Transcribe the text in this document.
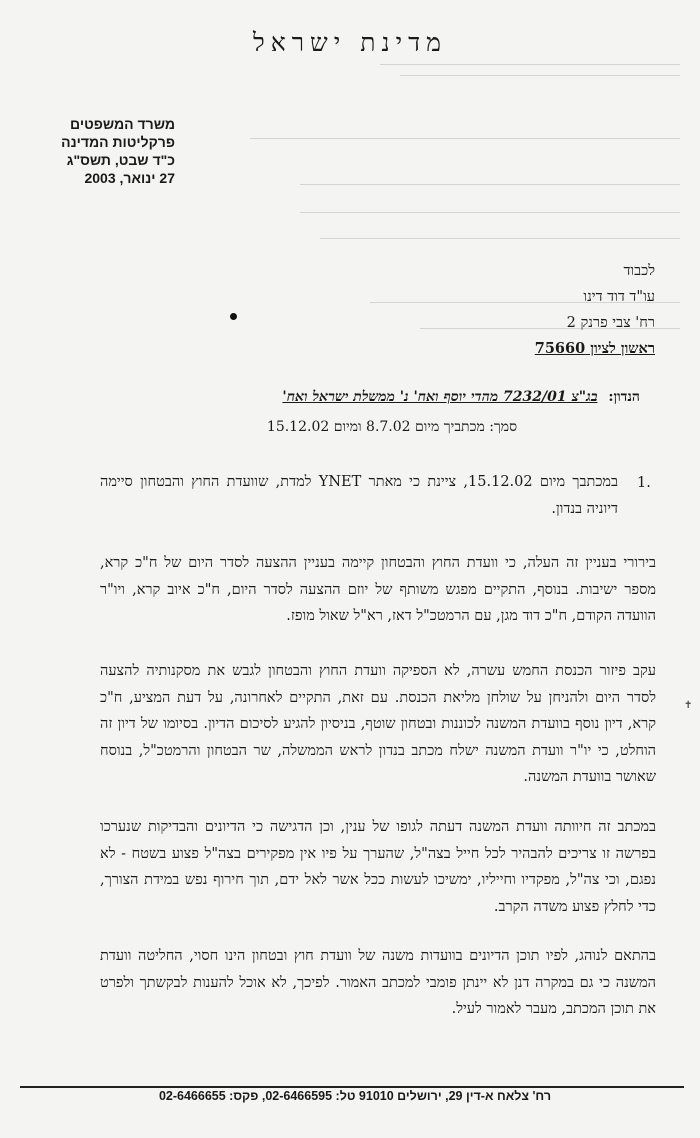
מדינת ישראל
משרד המשפטים
פרקליטות המדינה
כ"ד שבט, תשס"ג
27 ינואר, 2003
לכבוד
עו"ד דוד דינו
רח' צבי פרנק 2
ראשון לציון 75660
הנדון: בג"צ 7232/01 מהדי יוסף ואח' נ' ממשלת ישראל ואח'
סמך: מכתביך מיום 8.7.02 ומיום 15.12.02
1.
במכתבך מיום 15.12.02, ציינת כי מאתר YNET למדת, שוועדת החוץ והבטחון סיימה דיוניה בנדון.
בירורי בעניין זה העלה, כי וועדת החוץ והבטחון קיימה בעניין ההצעה לסדר היום של ח"כ קרא, מספר ישיבות. בנוסף, התקיים מפגש משותף של יוזם ההצעה לסדר היום, ח"כ איוב קרא, ויו"ר הוועדה הקודם, ח"כ דוד מגן, עם הרמטכ"ל דאז, רא"ל שאול מופז.
עקב פיזור הכנסת החמש עשרה, לא הספיקה וועדת החוץ והבטחון לגבש את מסקנותיה להצעה לסדר היום ולהניחן על שולחן מליאת הכנסת. עם זאת, התקיים לאחרונה, על דעת המציע, ח"כ קרא, דיון נוסף בוועדת המשנה לכוננות ובטחון שוטף, בניסיון להגיע לסיכום הדיון. בסיומו של דיון זה הוחלט, כי יו"ר וועדת המשנה ישלח מכתב בנדון לראש הממשלה, שר הבטחון והרמטכ"ל, בנוסח שאושר בוועדת המשנה.
במכתב זה חיוותה וועדת המשנה דעתה לגופו של ענין, וכן הדגישה כי הדיונים והבדיקות שנערכו בפרשה זו צריכים להבהיר לכל חייל בצה"ל, שהערך על פיו אין מפקירים בצה"ל פצוע בשטח - לא נפגם, וכי צה"ל, מפקדיו וחייליו, ימשיכו לעשות ככל אשר לאל ידם, תוך חירוף נפש במידת הצורך, כדי לחלץ פצוע משדה הקרב.
בהתאם לנוהג, לפיו תוכן הדיונים בוועדות משנה של וועדת חוץ ובטחון הינו חסוי, החליטה וועדת המשנה כי גם במקרה דנן לא יינתן פומבי למכתב האמור. לפיכך, לא אוכל להענות לבקשתך ולפרט את תוכן המכתב, מעבר לאמור לעיל.
✝
רח' צלאח א-דין 29, ירושלים 91010 טל: 02-6466595, פקס: 02-6466655
